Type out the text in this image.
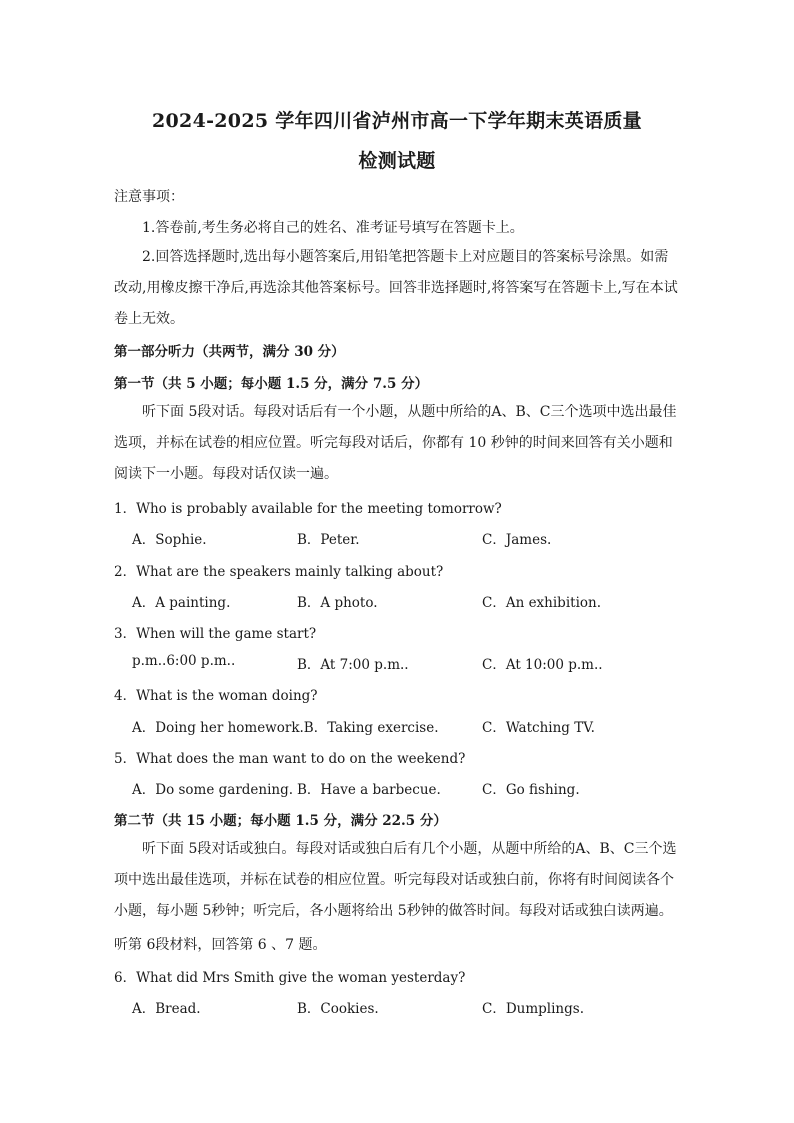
2024-2025 学年四川省泸州市高一下学年期末英语质量
检测试题
注意事项：
1.答卷前,考生务必将自己的姓名、准考证号填写在答题卡上。
2.回答选择题时,选出每小题答案后,用铅笔把答题卡上对应题目的答案标号涂黑。如需改动,用橡皮擦干净后,再选涂其他答案标号。回答非选择题时,将答案写在答题卡上,写在本试卷上无效。
第一部分听力（共两节，满分 30 分）
第一节（共 5 小题；每小题 1.5 分，满分 7.5 分）
听下面 5段对话。每段对话后有一个小题，从题中所给的A、B、C三个选项中选出最佳选项，并标在试卷的相应位置。听完每段对话后，你都有 10 秒钟的时间来回答有关小题和阅读下一小题。每段对话仅读一遍。
1．Who is probably available for the meeting tomorrow?
A．Sophie.	B．Peter.	C．James.
2．What are the speakers mainly talking about?
A．A painting.	B．A photo.	C．An exhibition.
3．When will the game start?
p.m..6:00 p.m..	B．At 7:00 p.m..	C．At 10:00 p.m..
4．What is the woman doing?
A．Doing her homework.B．Taking exercise.	C．Watching TV.
5．What does the man want to do on the weekend?
A．Do some gardening. B．Have a barbecue.	C．Go fishing.
第二节（共 15 小题；每小题 1.5 分，满分 22.5 分）
听下面 5段对话或独白。每段对话或独白后有几个小题，从题中所给的A、B、C三个选项中选出最佳选项，并标在试卷的相应位置。听完每段对话或独白前，你将有时间阅读各个小题，每小题 5秒钟；听完后，各小题将给出 5秒钟的做答时间。每段对话或独白读两遍。
听第 6段材料，回答第 6 、7 题。
6．What did Mrs Smith give the woman yesterday?
A．Bread.	B．Cookies.	C．Dumplings.
